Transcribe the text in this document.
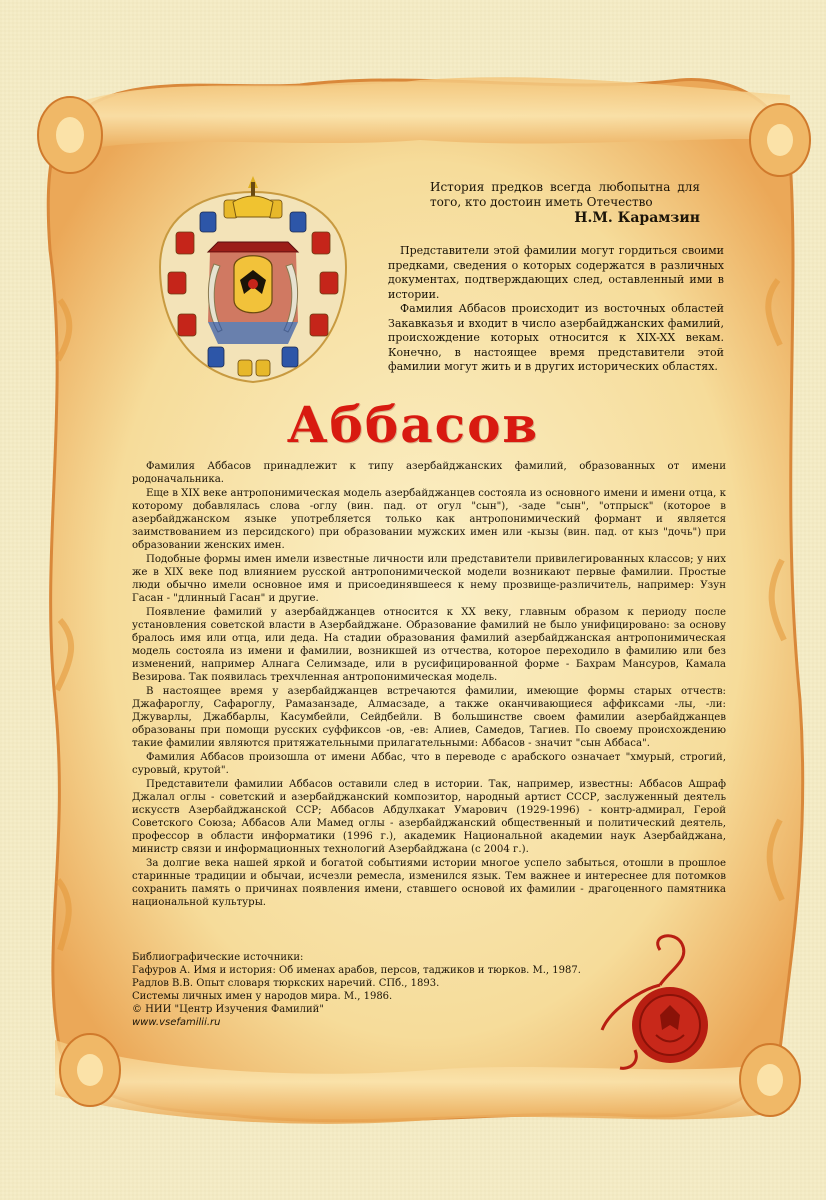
История предков всегда любопытна для того, кто достоин иметь Отечество
Н.М. Карамзин

Представители этой фамилии могут гордиться своими предками, сведения о которых содержатся в различных документах, подтверждающих след, оставленный ими в истории.

Фамилия Аббасов происходит из восточных областей Закавказья и входит в число азербайджанских фамилий, происхождение которых относится к XIX-XX векам. Конечно, в настоящее время представители этой фамилии могут жить и в других исторических областях.

Аббасов

Фамилия Аббасов принадлежит к типу азербайджанских фамилий, образованных от имени родоначальника.

Еще в XIX веке антропонимическая модель азербайджанцев состояла из основного имени и имени отца, к которому добавлялась слова -оглу (вин. пад. от огул "сын"), -заде "сын", "отпрыск" (которое в азербайджанском языке употребляется только как антропонимический формант и является заимствованием из персидского) при образовании мужских имен или -кызы (вин. пад. от кыз "дочь") при образовании женских имен.

Подобные формы имен имели известные личности или представители привилегированных классов; у них же в XIX веке под влиянием русской антропонимической модели возникают первые фамилии. Простые люди обычно имели основное имя и присоединявшееся к нему прозвище-различитель, например: Узун Гасан - "длинный Гасан" и другие.

Появление фамилий у азербайджанцев относится к XX веку, главным образом к периоду после установления советской власти в Азербайджане. Образование фамилий не было унифицировано: за основу бралось имя или отца, или деда. На стадии образования фамилий азербайджанская антропонимическая модель состояла из имени и фамилии, возникшей из отчества, которое переходило в фамилию или без изменений, например Алнага Селимзаде, или в русифицированной форме - Бахрам Мансуров, Камала Везирова. Так появилась трехчленная антропонимическая модель.

В настоящее время у азербайджанцев встречаются фамилии, имеющие формы старых отчеств: Джафароглу, Сафароглу, Рамазанзаде, Алмасзаде, а также оканчивающиеся аффиксами -лы, -ли: Джуварлы, Джаббарлы, Касумбейли, Сейдбейли. В большинстве своем фамилии азербайджанцев образованы при помощи русских суффиксов -ов, -ев: Алиев, Самедов, Тагиев. По своему происхождению такие фамилии являются притяжательными прилагательными: Аббасов - значит "сын Аббаса".

Фамилия Аббасов произошла от имени Аббас, что в переводе с арабского означает "хмурый, строгий, суровый, крутой".

Представители фамилии Аббасов оставили след в истории. Так, например, известны: Аббасов Ашраф Джалал оглы - советский и азербайджанский композитор, народный артист СССР, заслуженный деятель искусств Азербайджанской ССР; Аббасов Абдулхакат Умарович (1929-1996) - контр-адмирал, Герой Советского Союза; Аббасов Али Мамед оглы - азербайджанский общественный и политический деятель, профессор в области информатики (1996 г.), академик Национальной академии наук Азербайджана, министр связи и информационных технологий Азербайджана (с 2004 г.).

За долгие века нашей яркой и богатой событиями истории многое успело забыться, отошли в прошлое старинные традиции и обычаи, исчезли ремесла, изменился язык. Тем важнее и интереснее для потомков сохранить память о причинах появления имени, ставшего основой их фамилии - драгоценного памятника национальной культуры.

Библиографические источники:
Гафуров А. Имя и история: Об именах арабов, персов, таджиков и тюрков. М., 1987.
Радлов В.В. Опыт словаря тюркских наречий. СПб., 1893.
Системы личных имен у народов мира. М., 1986.
© НИИ "Центр Изучения Фамилий"
www.vsefamilii.ru
